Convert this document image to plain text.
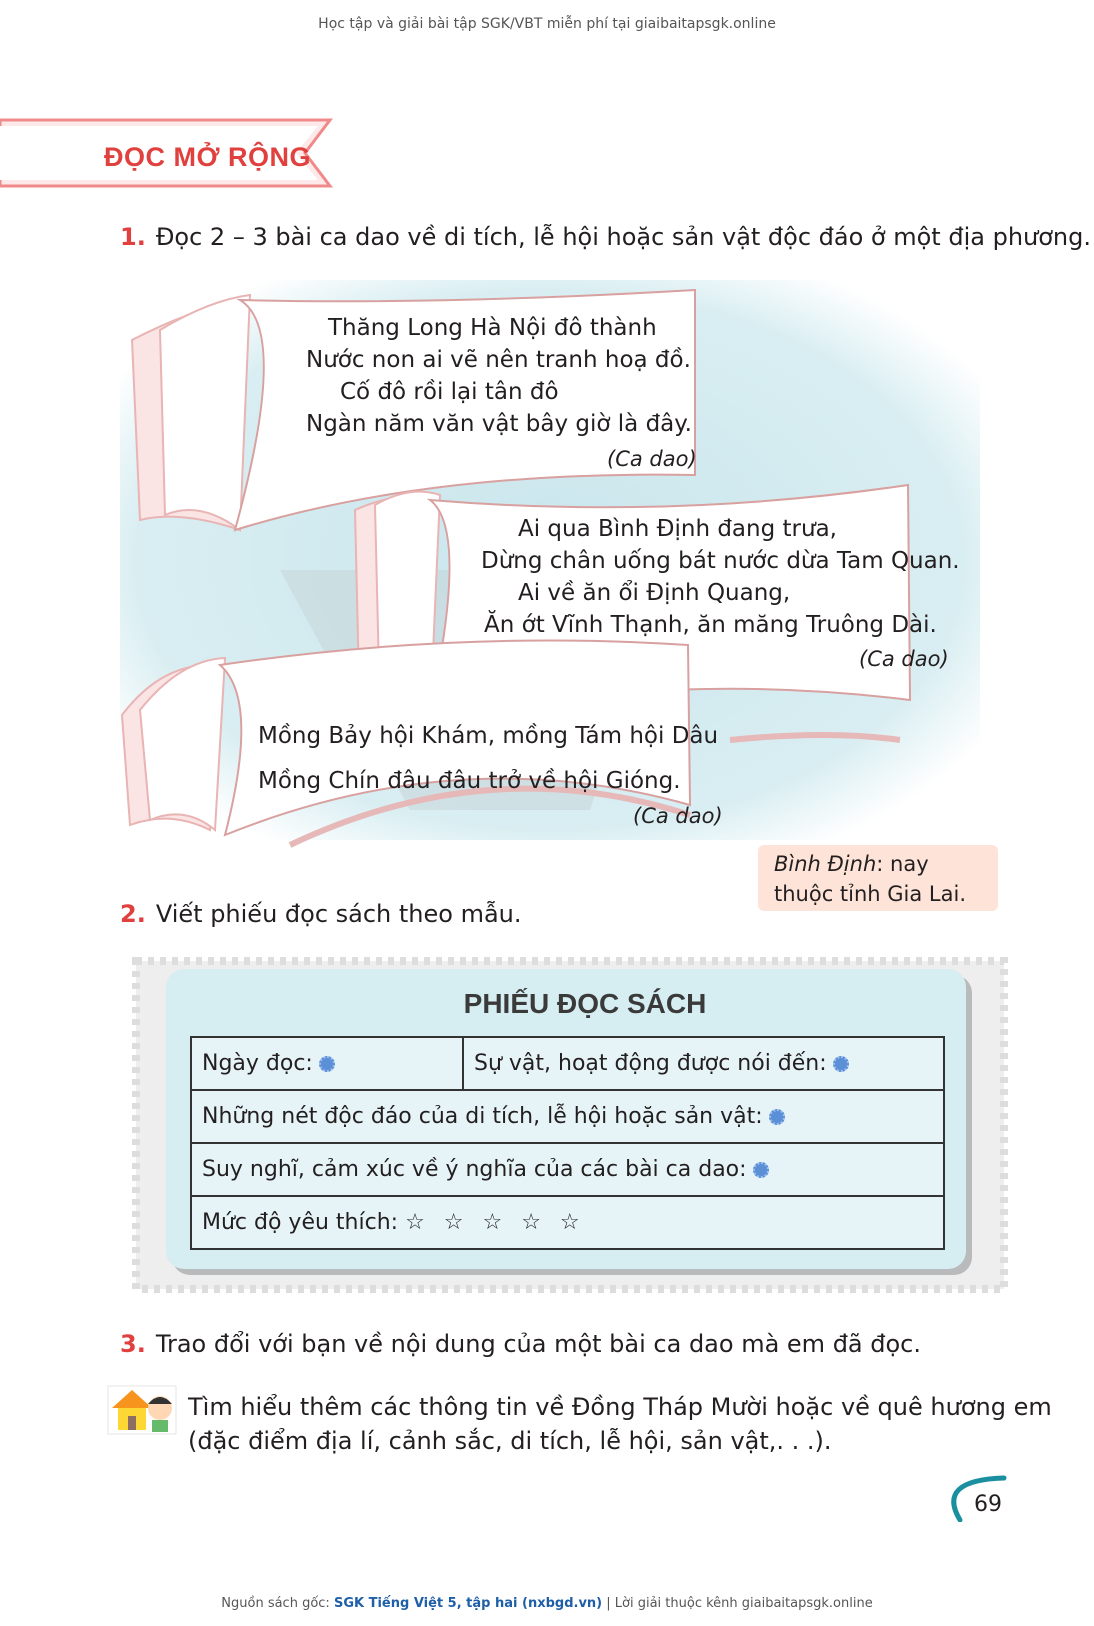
Học tập và giải bài tập SGK/VBT miễn phí tại giaibaitapsgk.online
ĐỌC MỞ RỘNG
1. Đọc 2 – 3 bài ca dao về di tích, lễ hội hoặc sản vật độc đáo ở một địa phương.
Thăng Long Hà Nội đô thành
Nước non ai vẽ nên tranh hoạ đồ.
Cố đô rồi lại tân đô
Ngàn năm văn vật bây giờ là đây.
(Ca dao)
Ai qua Bình Định đang trưa,
Dừng chân uống bát nước dừa Tam Quan.
Ai về ăn ổi Định Quang,
Ăn ớt Vĩnh Thạnh, ăn măng Truông Dài.
(Ca dao)
Mồng Bảy hội Khám, mồng Tám hội Dâu
Mồng Chín đâu đâu trở về hội Gióng.
(Ca dao)
Bình Định: nay thuộc tỉnh Gia Lai.
2. Viết phiếu đọc sách theo mẫu.
PHIẾU ĐỌC SÁCH
Ngày đọc:	Sự vật, hoạt động được nói đến:
Những nét độc đáo của di tích, lễ hội hoặc sản vật:
Suy nghĩ, cảm xúc về ý nghĩa của các bài ca dao:
Mức độ yêu thích: ☆ ☆ ☆ ☆ ☆
3. Trao đổi với bạn về nội dung của một bài ca dao mà em đã đọc.
Tìm hiểu thêm các thông tin về Đồng Tháp Mười hoặc về quê hương em
(đặc điểm địa lí, cảnh sắc, di tích, lễ hội, sản vật,. . .).
69
Nguồn sách gốc: SGK Tiếng Việt 5, tập hai (nxbgd.vn) | Lời giải thuộc kênh giaibaitapsgk.online
